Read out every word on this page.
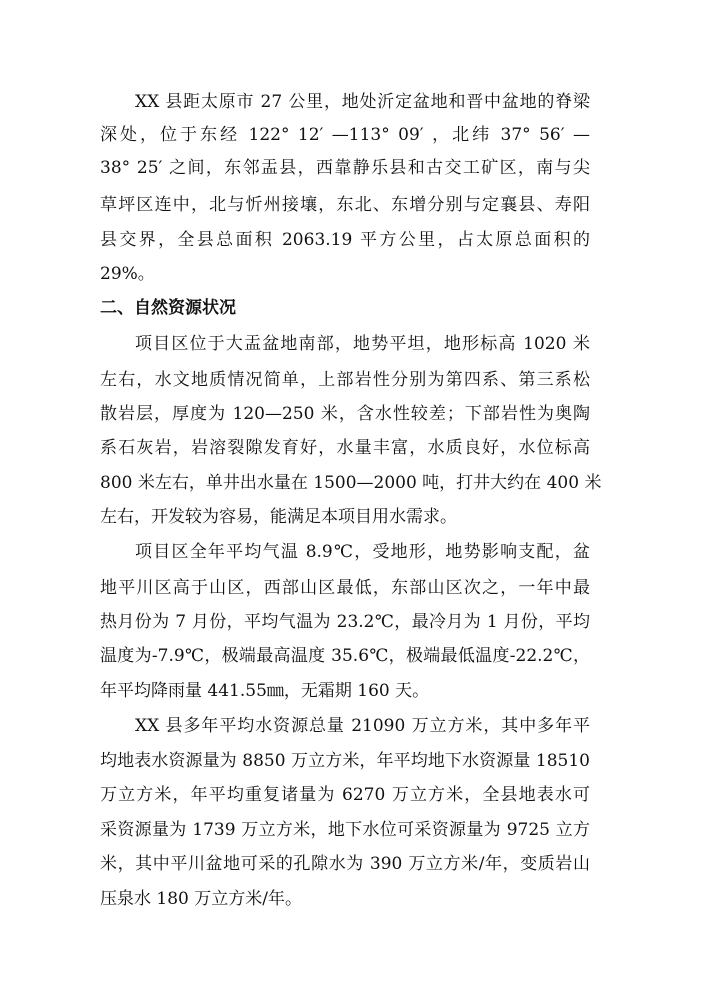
XX 县距太原市 27 公里，地处沂定盆地和晋中盆地的脊梁
深处，位于东经 122° 12′ —113° 09′ ，北纬 37° 56′ —
38° 25′ 之间，东邻盂县，西靠静乐县和古交工矿区，南与尖
草坪区连中，北与忻州接壤，东北、东增分别与定襄县、寿阳
县交界，全县总面积 2063.19 平方公里，占太原总面积的
29%。
二、自然资源状况
项目区位于大盂盆地南部，地势平坦，地形标高 1020 米
左右，水文地质情况简单，上部岩性分别为第四系、第三系松
散岩层，厚度为 120—250 米，含水性较差；下部岩性为奥陶
系石灰岩，岩溶裂隙发育好，水量丰富，水质良好，水位标高
800 米左右，单井出水量在 1500—2000 吨，打井大约在 400 米
左右，开发较为容易，能满足本项目用水需求。
项目区全年平均气温 8.9℃，受地形，地势影响支配，盆
地平川区高于山区，西部山区最低，东部山区次之，一年中最
热月份为 7 月份，平均气温为 23.2℃，最冷月为 1 月份，平均
温度为-7.9℃，极端最高温度 35.6℃，极端最低温度-22.2℃，
年平均降雨量 441.55㎜，无霜期 160 天。
XX 县多年平均水资源总量 21090 万立方米，其中多年平
均地表水资源量为 8850 万立方米，年平均地下水资源量 18510
万立方米，年平均重复诸量为 6270 万立方米，全县地表水可
采资源量为 1739 万立方米，地下水位可采资源量为 9725 立方
米，其中平川盆地可采的孔隙水为 390 万立方米/年，变质岩山
压泉水 180 万立方米/年。
